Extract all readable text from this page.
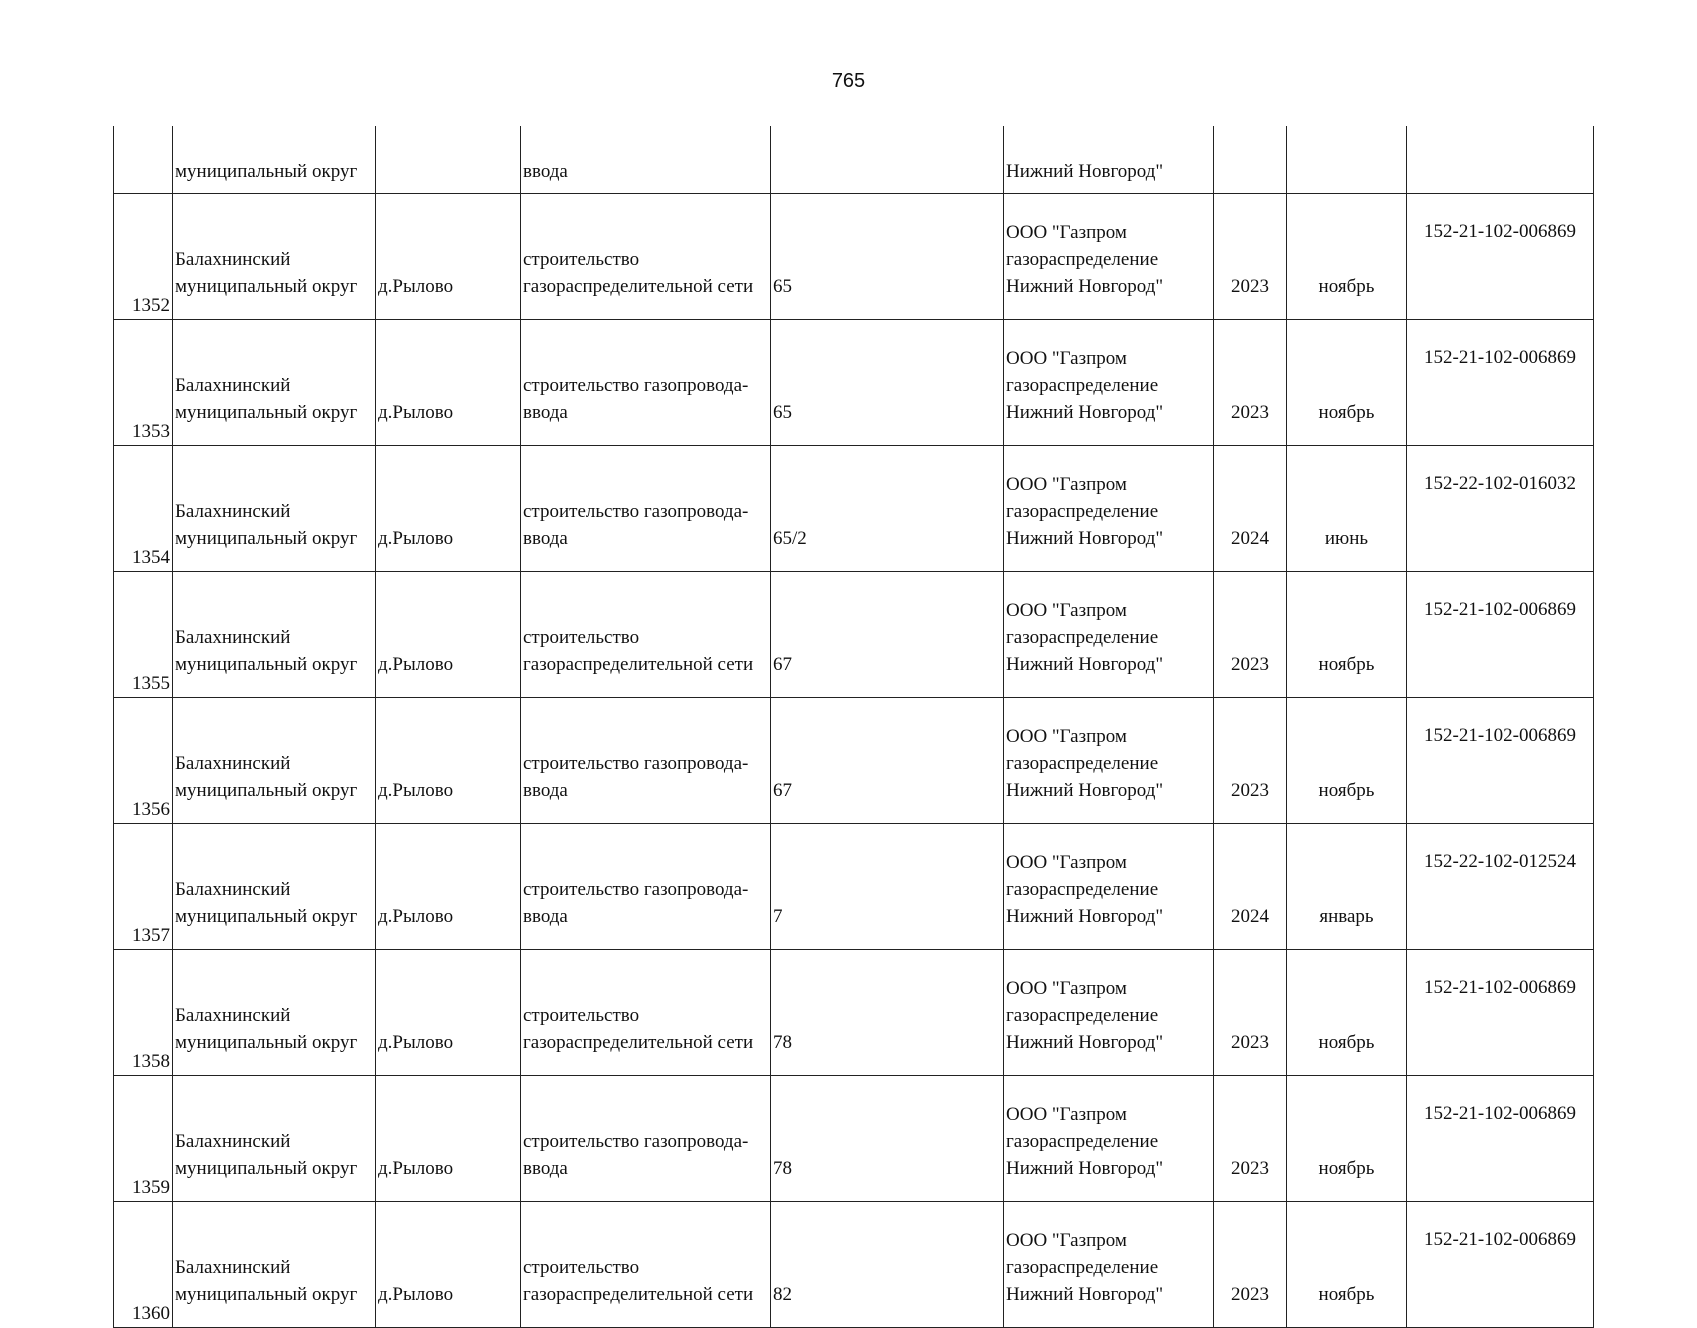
765
	муниципальный округ		ввода		Нижний Новгород"			
1352	Балахнинский
муниципальный округ	д.Рылово	строительство
газораспределительной сети	65	ООО "Газпром
газораспределение
Нижний Новгород"	2023	ноябрь	152-21-102-006869
1353	Балахнинский
муниципальный округ	д.Рылово	строительство газопровода-
ввода	65	ООО "Газпром
газораспределение
Нижний Новгород"	2023	ноябрь	152-21-102-006869
1354	Балахнинский
муниципальный округ	д.Рылово	строительство газопровода-
ввода	65/2	ООО "Газпром
газораспределение
Нижний Новгород"	2024	июнь	152-22-102-016032
1355	Балахнинский
муниципальный округ	д.Рылово	строительство
газораспределительной сети	67	ООО "Газпром
газораспределение
Нижний Новгород"	2023	ноябрь	152-21-102-006869
1356	Балахнинский
муниципальный округ	д.Рылово	строительство газопровода-
ввода	67	ООО "Газпром
газораспределение
Нижний Новгород"	2023	ноябрь	152-21-102-006869
1357	Балахнинский
муниципальный округ	д.Рылово	строительство газопровода-
ввода	7	ООО "Газпром
газораспределение
Нижний Новгород"	2024	январь	152-22-102-012524
1358	Балахнинский
муниципальный округ	д.Рылово	строительство
газораспределительной сети	78	ООО "Газпром
газораспределение
Нижний Новгород"	2023	ноябрь	152-21-102-006869
1359	Балахнинский
муниципальный округ	д.Рылово	строительство газопровода-
ввода	78	ООО "Газпром
газораспределение
Нижний Новгород"	2023	ноябрь	152-21-102-006869
1360	Балахнинский
муниципальный округ	д.Рылово	строительство
газораспределительной сети	82	ООО "Газпром
газораспределение
Нижний Новгород"	2023	ноябрь	152-21-102-006869
